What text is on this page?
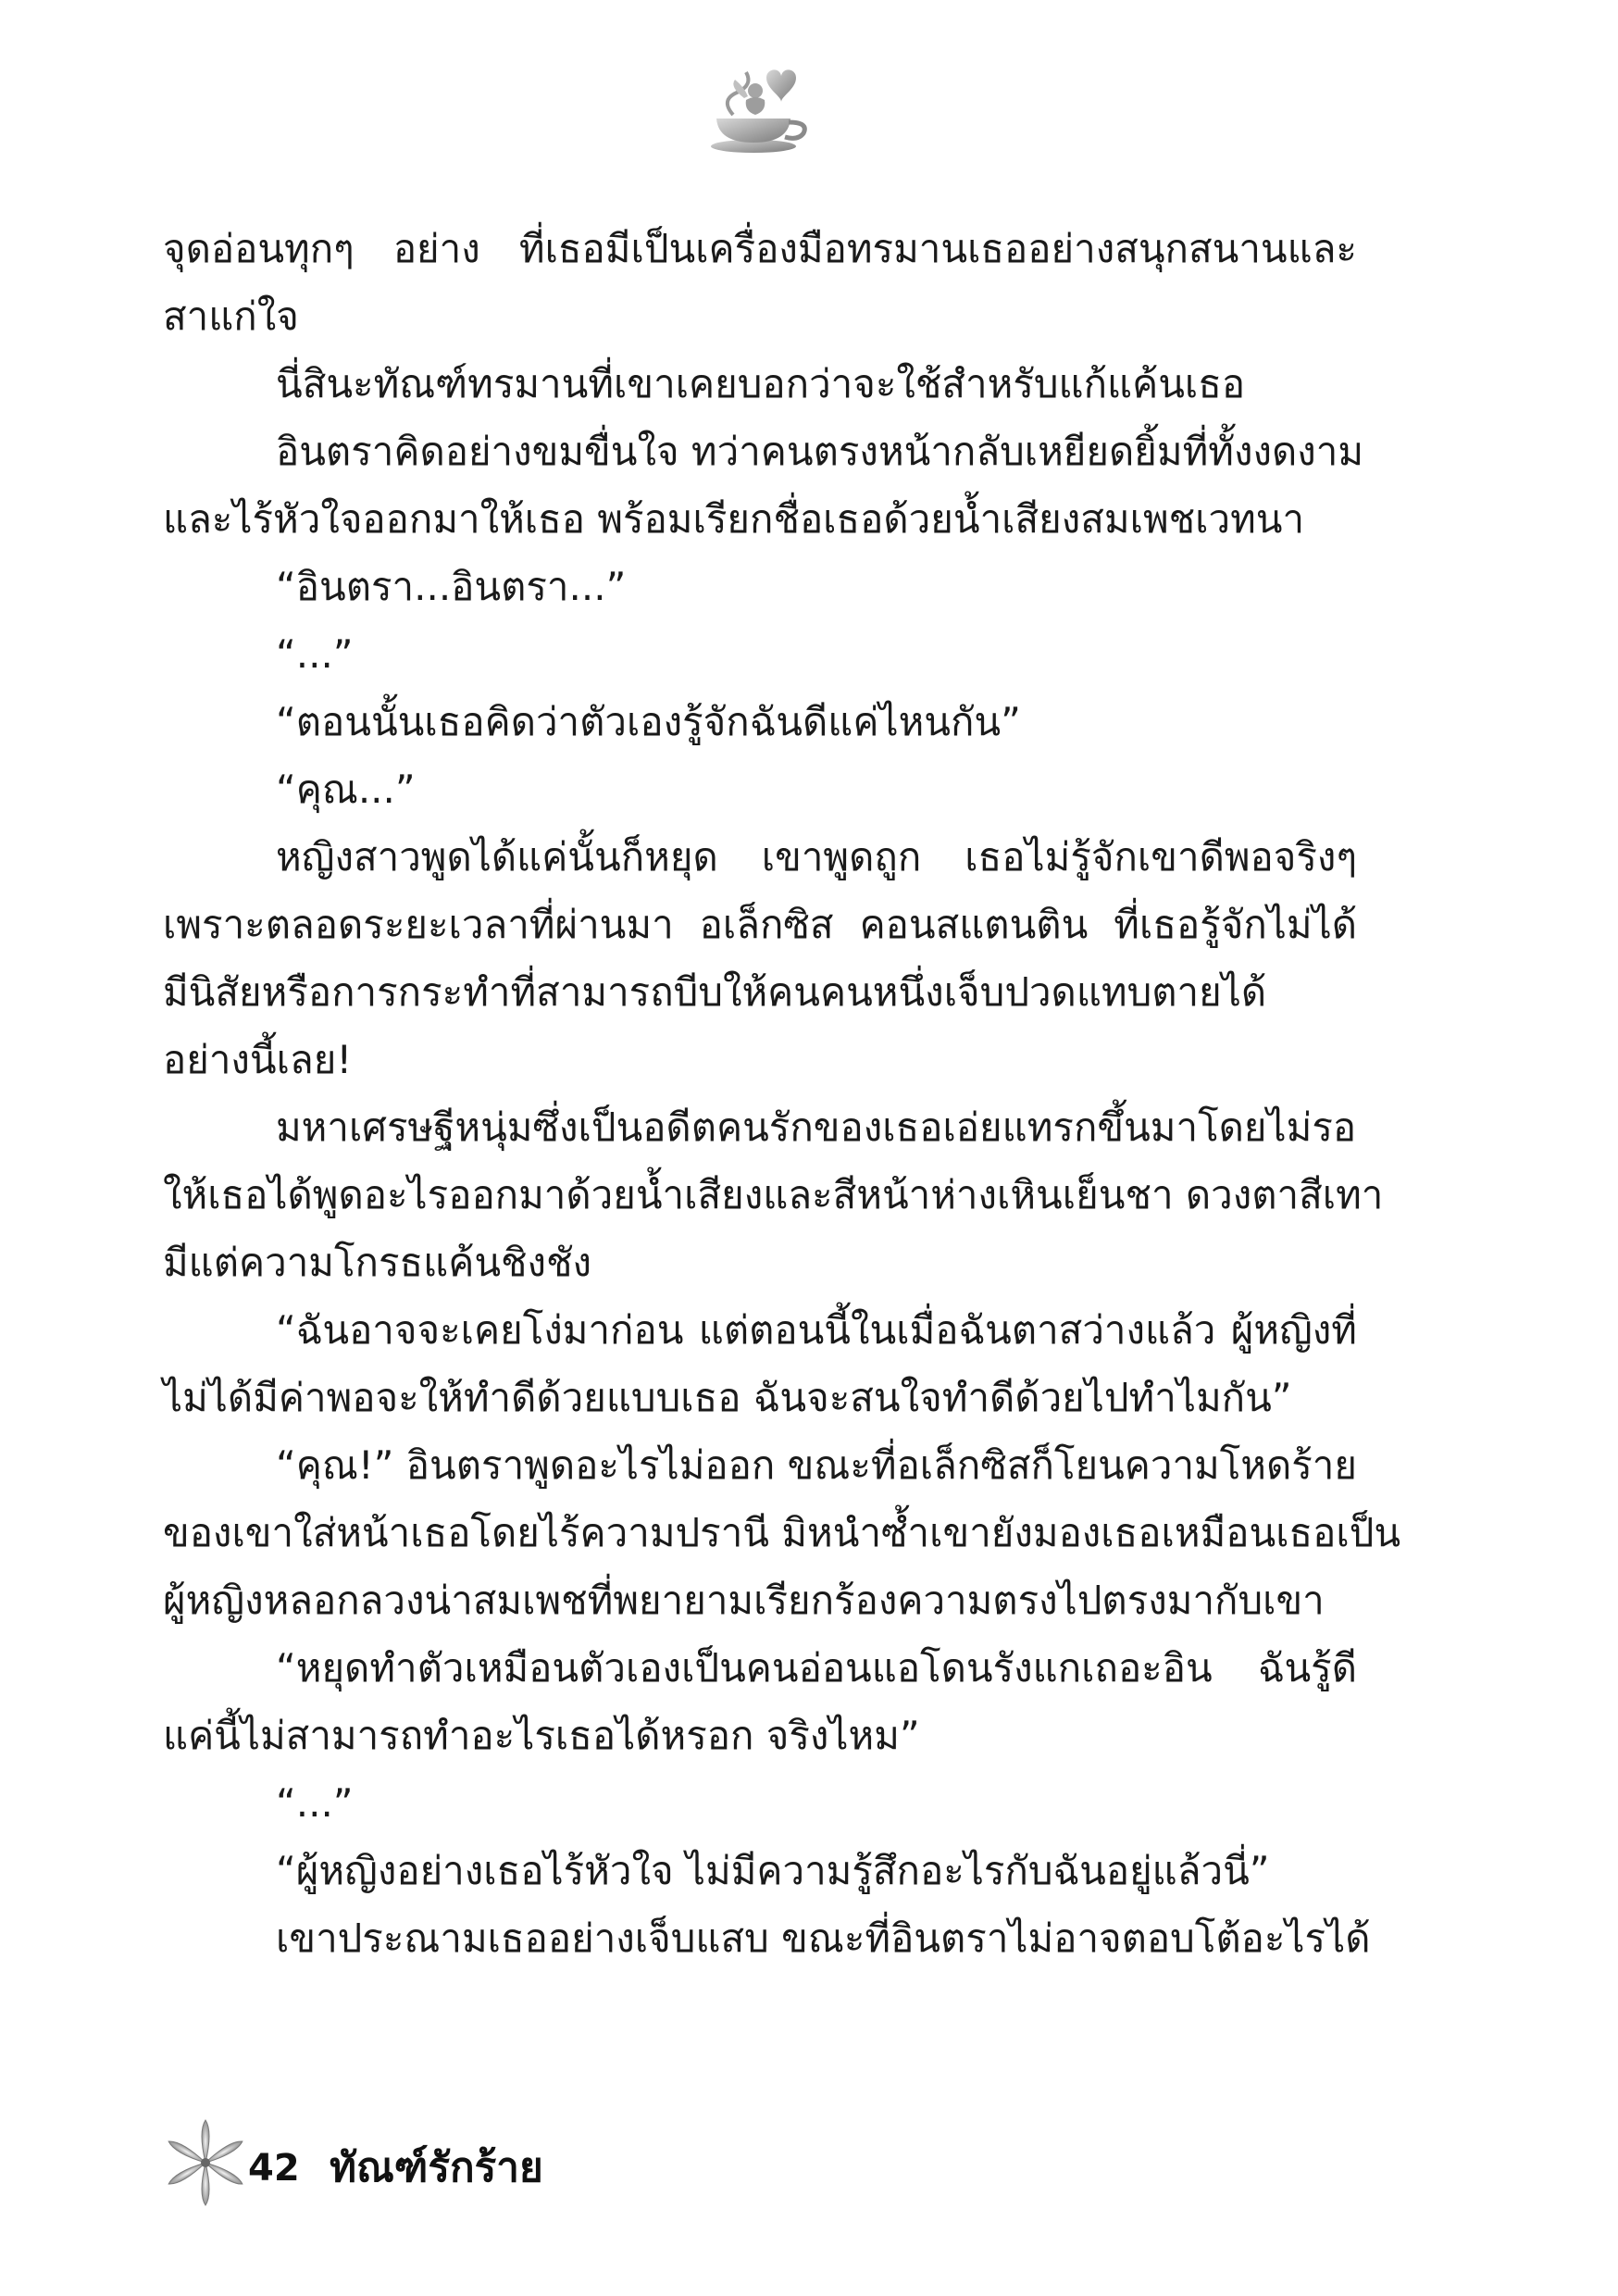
จุดอ่อนทุกๆ อย่าง ที่เธอมีเป็นเครื่องมือทรมานเธออย่างสนุกสนานและ
สาแก่ใจ
นี่สินะทัณฑ์ทรมานที่เขาเคยบอกว่าจะใช้สำหรับแก้แค้นเธอ
อินตราคิดอย่างขมขื่นใจ ทว่าคนตรงหน้ากลับเหยียดยิ้มที่ทั้งงดงาม
และไร้หัวใจออกมาให้เธอ พร้อมเรียกชื่อเธอด้วยน้ำเสียงสมเพชเวทนา
“อินตรา...อินตรา...”
“...”
“ตอนนั้นเธอคิดว่าตัวเองรู้จักฉันดีแค่ไหนกัน”
“คุณ...”
หญิงสาวพูดได้แค่นั้นก็หยุด เขาพูดถูก เธอไม่รู้จักเขาดีพอจริงๆ
เพราะตลอดระยะเวลาที่ผ่านมา อเล็กซิส คอนสแตนติน ที่เธอรู้จักไม่ได้
มีนิสัยหรือการกระทำที่สามารถบีบให้คนคนหนึ่งเจ็บปวดแทบตายได้
อย่างนี้เลย!
มหาเศรษฐีหนุ่มซึ่งเป็นอดีตคนรักของเธอเอ่ยแทรกขึ้นมาโดยไม่รอ
ให้เธอได้พูดอะไรออกมาด้วยน้ำเสียงและสีหน้าห่างเหินเย็นชา ดวงตาสีเทา
มีแต่ความโกรธแค้นชิงชัง
“ฉันอาจจะเคยโง่มาก่อน แต่ตอนนี้ในเมื่อฉันตาสว่างแล้ว ผู้หญิงที่
ไม่ได้มีค่าพอจะให้ทำดีด้วยแบบเธอ ฉันจะสนใจทำดีด้วยไปทำไมกัน”
“คุณ!” อินตราพูดอะไรไม่ออก ขณะที่อเล็กซิสก็โยนความโหดร้าย
ของเขาใส่หน้าเธอโดยไร้ความปรานี มิหนำซ้ำเขายังมองเธอเหมือนเธอเป็น
ผู้หญิงหลอกลวงน่าสมเพชที่พยายามเรียกร้องความตรงไปตรงมากับเขา
“หยุดทำตัวเหมือนตัวเองเป็นคนอ่อนแอโดนรังแกเถอะอิน ฉันรู้ดี
แค่นี้ไม่สามารถทำอะไรเธอได้หรอก จริงไหม”
“...”
“ผู้หญิงอย่างเธอไร้หัวใจ ไม่มีความรู้สึกอะไรกับฉันอยู่แล้วนี่”
เขาประณามเธออย่างเจ็บแสบ ขณะที่อินตราไม่อาจตอบโต้อะไรได้
42 ทัณฑ์รักร้าย
